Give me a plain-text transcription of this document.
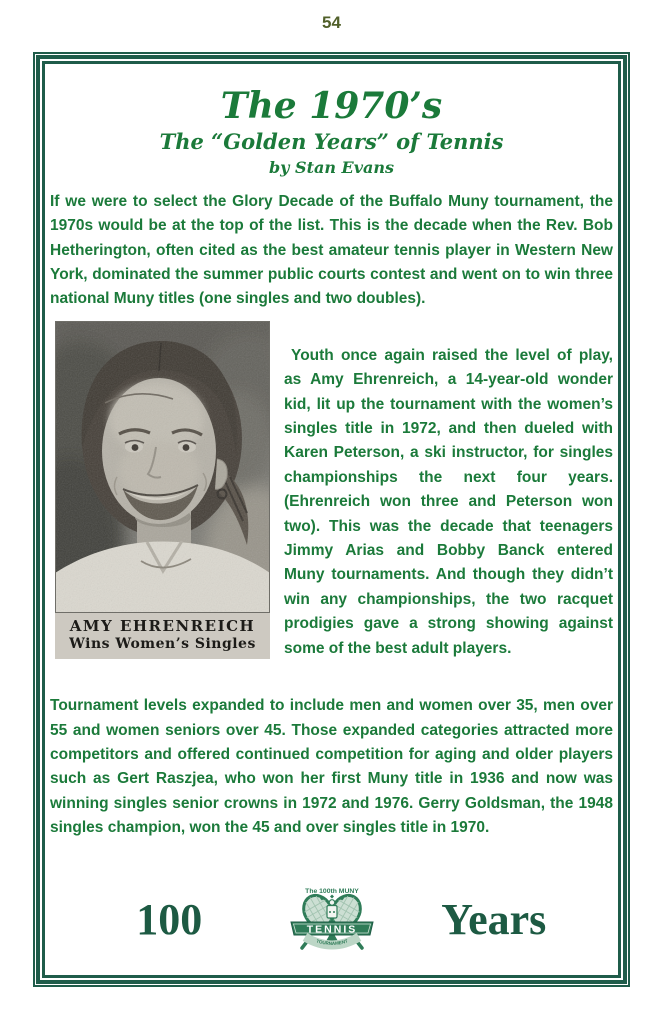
54
The 1970’s
The “Golden Years” of Tennis
by Stan Evans

If we were to select the Glory Decade of the Buffalo Muny tournament, the 1970s would be at the top of the list. This is the decade when the Rev. Bob Hetherington, often cited as the best amateur tennis player in Western New York, dominated the summer public courts contest and went on to win three national Muny titles (one singles and two doubles).

AMY EHRENREICH
Wins Women’s Singles

Youth once again raised the level of play, as Amy Ehrenreich, a 14-year-old wonder kid, lit up the tournament with the women’s singles title in 1972, and then dueled with Karen Peterson, a ski instructor, for singles championships the next four years. (Ehrenreich won three and Peterson won two). This was the decade that teenagers Jimmy Arias and Bobby Banck entered Muny tournaments. And though they didn’t win any championships, the two racquet prodigies gave a strong showing against some of the best adult players.

Tournament levels expanded to include men and women over 35, men over 55 and women seniors over 45. Those expanded categories attracted more competitors and offered continued competition for aging and older players such as Gert Raszjea, who won her first Muny title in 1936 and now was winning singles senior crowns in 1972 and 1976. Gerry Goldsman, the 1948 singles champion, won the 45 and over singles title in 1970.

100
The 100th MUNY
TENNIS
TOURNAMENT	Years
